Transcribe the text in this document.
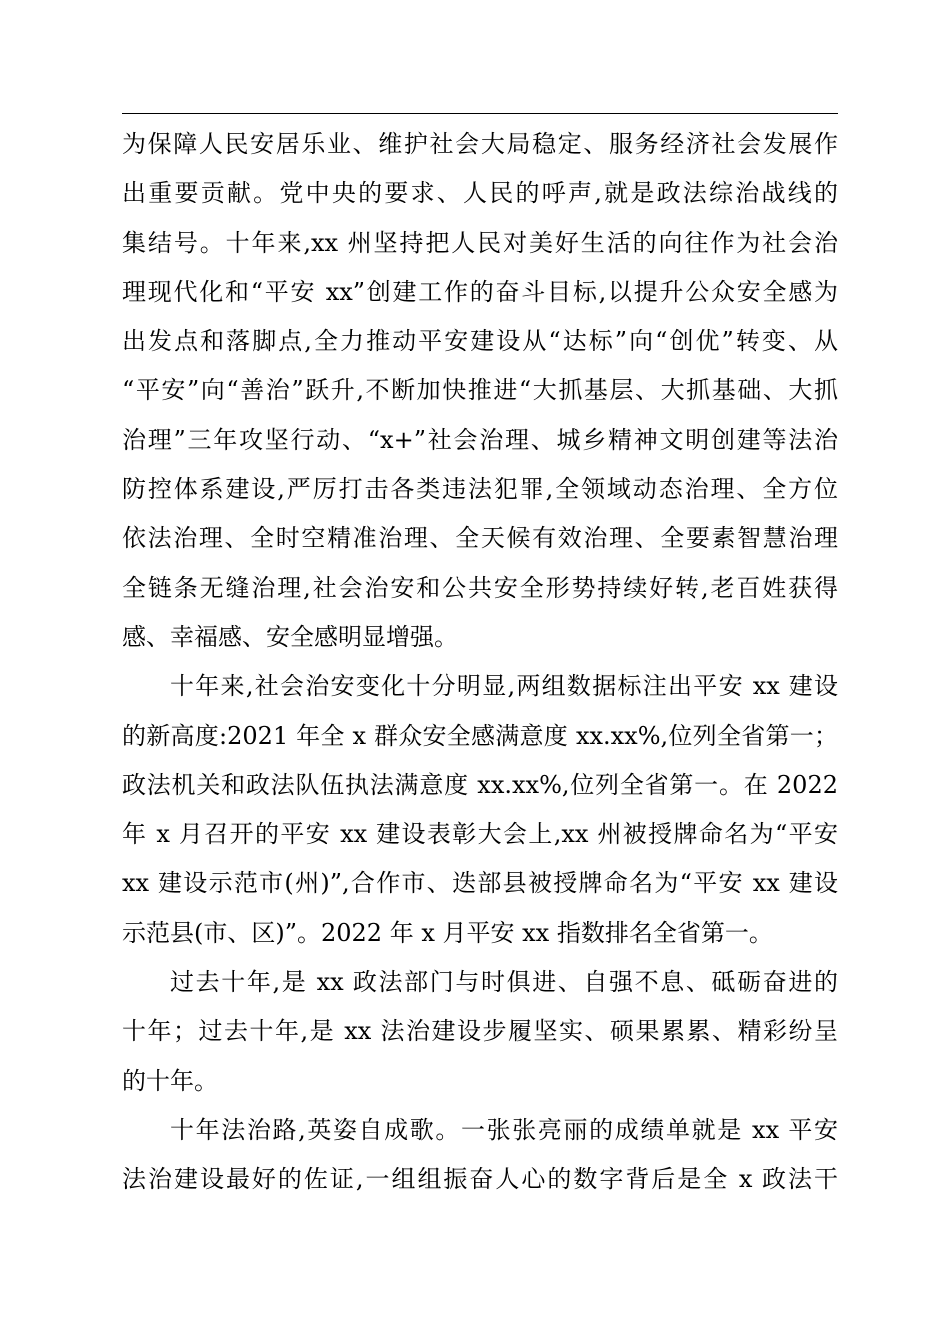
为保障人民安居乐业、维护社会大局稳定、服务经济社会发展作
出重要贡献。党中央的要求、人民的呼声,就是政法综治战线的
集结号。十年来,xx 州坚持把人民对美好生活的向往作为社会治
理现代化和“平安 xx”创建工作的奋斗目标,以提升公众安全感为
出发点和落脚点,全力推动平安建设从“达标”向“创优”转变、从
“平安”向“善治”跃升,不断加快推进“大抓基层、大抓基础、大抓
治理”三年攻坚行动、“x+”社会治理、城乡精神文明创建等法治
防控体系建设,严厉打击各类违法犯罪,全领域动态治理、全方位
依法治理、全时空精准治理、全天候有效治理、全要素智慧治理
全链条无缝治理,社会治安和公共安全形势持续好转,老百姓获得
感、幸福感、安全感明显增强。
十年来,社会治安变化十分明显,两组数据标注出平安 xx 建设
的新高度:2021 年全 x 群众安全感满意度 xx.xx%,位列全省第一；
政法机关和政法队伍执法满意度 xx.xx%,位列全省第一。在 2022
年 x 月召开的平安 xx 建设表彰大会上,xx 州被授牌命名为“平安
xx 建设示范市(州)”,合作市、迭部县被授牌命名为“平安 xx 建设
示范县(市、区)”。2022 年 x 月平安 xx 指数排名全省第一。
过去十年,是 xx 政法部门与时俱进、自强不息、砥砺奋进的
十年；过去十年,是 xx 法治建设步履坚实、硕果累累、精彩纷呈
的十年。
十年法治路,英姿自成歌。一张张亮丽的成绩单就是 xx 平安
法治建设最好的佐证,一组组振奋人心的数字背后是全 x 政法干
